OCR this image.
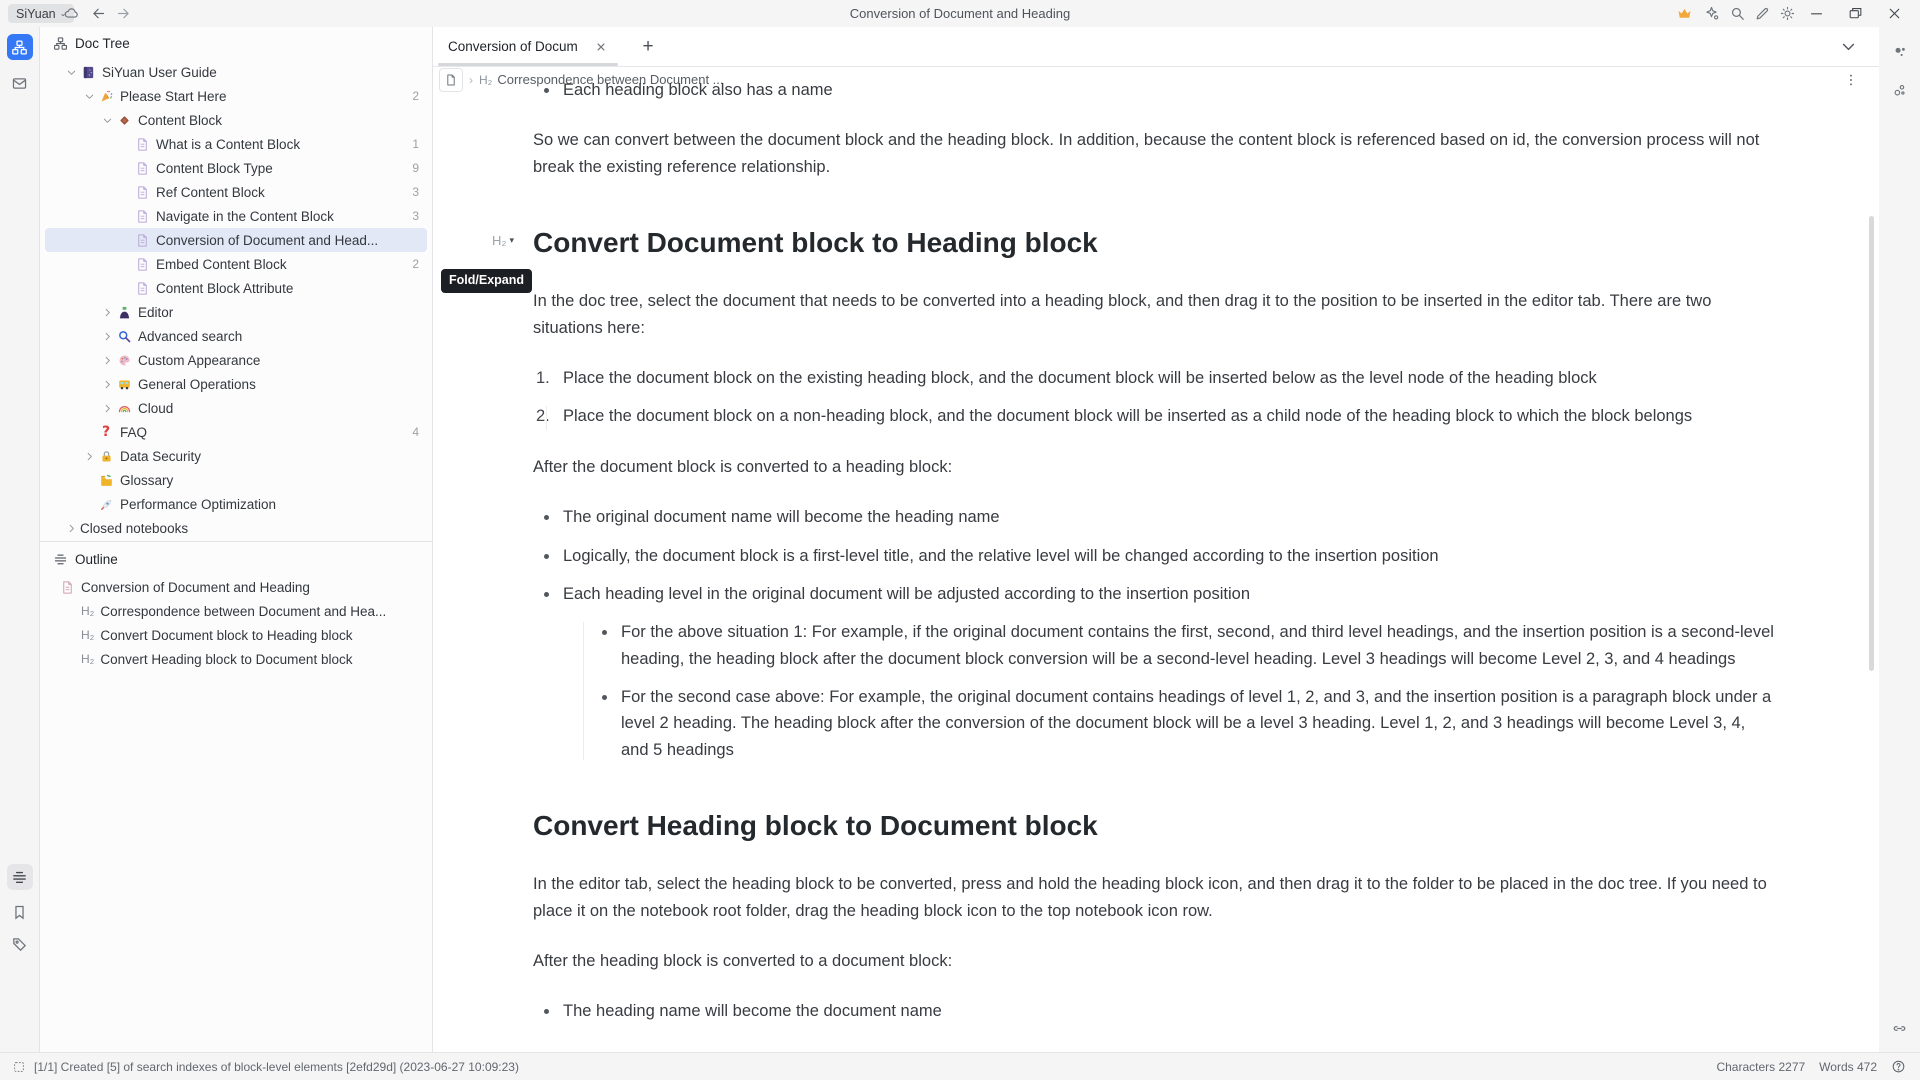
SiYuan ⌄	Conversion of Document and Heading
Doc Tree
SiYuan User Guide
Please Start Here	2
Content Block
What is a Content Block	1
Content Block Type	9
Ref Content Block	3
Navigate in the Content Block	3
Conversion of Document and Head...
Embed Content Block	2
Content Block Attribute
Editor
Advanced search
Custom Appearance
General Operations
Cloud
? FAQ	4
Data Security
Glossary
Performance Optimization
Closed notebooks
Outline
Conversion of Document and Heading
H₂ Correspondence between Document and Hea...
H₂ Convert Document block to Heading block
H₂ Convert Heading block to Document block
Conversion of Docum	+
› H₂ Correspondence between Document ...
Each heading block also has a name
So we can convert between the document block and the heading block. In addition, because the content block is referenced based on id, the conversion process will not break the existing reference relationship.
Convert Document block to Heading block
H₂ ▾
Fold/Expand
In the doc tree, select the document that needs to be converted into a heading block, and then drag it to the position to be inserted in the editor tab. There are two situations here:
1. Place the document block on the existing heading block, and the document block will be inserted below as the level node of the heading block
2. Place the document block on a non-heading block, and the document block will be inserted as a child node of the heading block to which the block belongs
After the document block is converted to a heading block:
The original document name will become the heading name
Logically, the document block is a first-level title, and the relative level will be changed according to the insertion position
Each heading level in the original document will be adjusted according to the insertion position
For the above situation 1: For example, if the original document contains the first, second, and third level headings, and the insertion position is a second-level heading, the heading block after the document block conversion will be a second-level heading. Level 3 headings will become Level 2, 3, and 4 headings
For the second case above: For example, the original document contains headings of level 1, 2, and 3, and the insertion position is a paragraph block under a level 2 heading. The heading block after the conversion of the document block will be a level 3 heading. Level 1, 2, and 3 headings will become Level 3, 4, and 5 headings
Convert Heading block to Document block
In the editor tab, select the heading block to be converted, press and hold the heading block icon, and then drag it to the folder to be placed in the doc tree. If you need to place it on the notebook root folder, drag the heading block icon to the top notebook icon row.
After the heading block is converted to a document block:
The heading name will become the document name
[1/1] Created [5] of search indexes of block-level elements [2efd29d] (2023-06-27 10:09:23)	Characters 2277 Words 472
